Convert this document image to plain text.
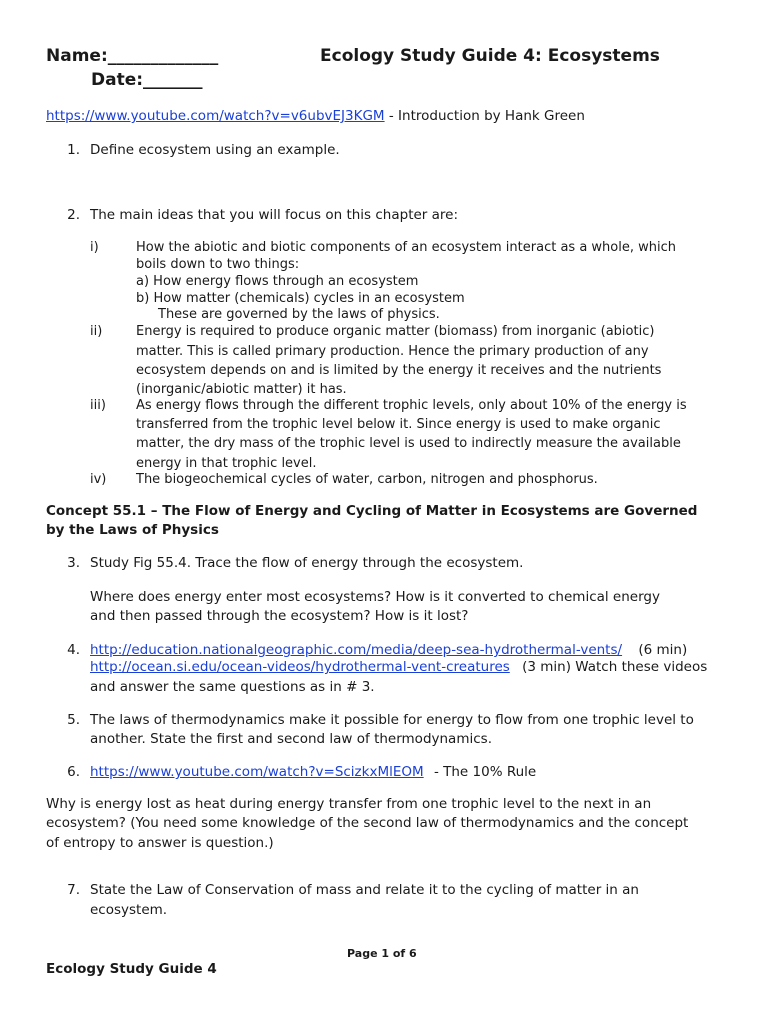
Name:_____________	Ecology Study Guide 4: Ecosystems
Date:_______
https://www.youtube.com/watch?v=v6ubvEJ3KGM - Introduction by Hank Green
1. Define ecosystem using an example.
2. The main ideas that you will focus on this chapter are:
i)	How the abiotic and biotic components of an ecosystem interact as a whole, which
boils down to two things:
a) How energy flows through an ecosystem
b) How matter (chemicals) cycles in an ecosystem
These are governed by the laws of physics.
ii)	Energy is required to produce organic matter (biomass) from inorganic (abiotic)
matter. This is called primary production. Hence the primary production of any
ecosystem depends on and is limited by the energy it receives and the nutrients
(inorganic/abiotic matter) it has.
iii) As energy flows through the different trophic levels, only about 10% of the energy is
transferred from the trophic level below it. Since energy is used to make organic
matter, the dry mass of the trophic level is used to indirectly measure the available
energy in that trophic level.
iv) The biogeochemical cycles of water, carbon, nitrogen and phosphorus.
Concept 55.1 – The Flow of Energy and Cycling of Matter in Ecosystems are Governed
by the Laws of Physics
3. Study Fig 55.4. Trace the flow of energy through the ecosystem.
Where does energy enter most ecosystems? How is it converted to chemical energy
and then passed through the ecosystem? How is it lost?
4. http://education.nationalgeographic.com/media/deep-sea-hydrothermal-vents/ (6 min)
http://ocean.si.edu/ocean-videos/hydrothermal-vent-creatures (3 min) Watch these videos
and answer the same questions as in # 3.
5. The laws of thermodynamics make it possible for energy to flow from one trophic level to
another. State the first and second law of thermodynamics.
6. https://www.youtube.com/watch?v=ScizkxMlEOM - The 10% Rule
Why is energy lost as heat during energy transfer from one trophic level to the next in an
ecosystem? (You need some knowledge of the second law of thermodynamics and the concept
of entropy to answer is question.)
7. State the Law of Conservation of mass and relate it to the cycling of matter in an
ecosystem.
Page 1 of 6
Ecology Study Guide 4
